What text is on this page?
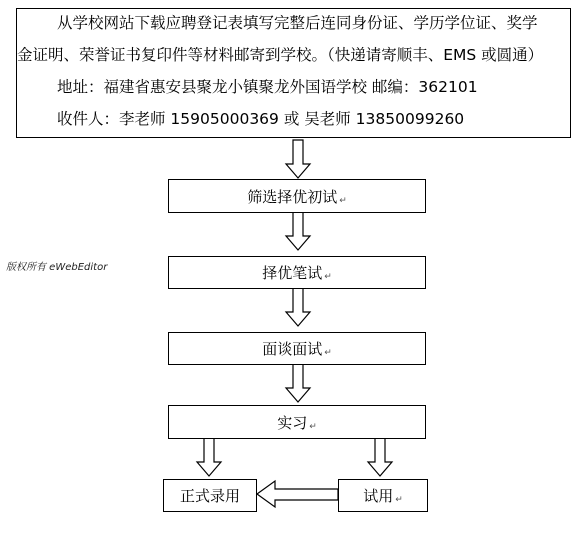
从学校网站下载应聘登记表填写完整后连同身份证、学历学位证、奖学
金证明、荣誉证书复印件等材料邮寄到学校。（快递请寄顺丰、EMS 或圆通）
地址：福建省惠安县聚龙小镇聚龙外国语学校 邮编：362101
收件人：李老师 15905000369 或 吴老师 13850099260
筛选择优初试 ↵
版权所有 eWebEditor	择优笔试 ↵
面谈面试 ↵
实习 ↵
正式录用	试用 ↵
